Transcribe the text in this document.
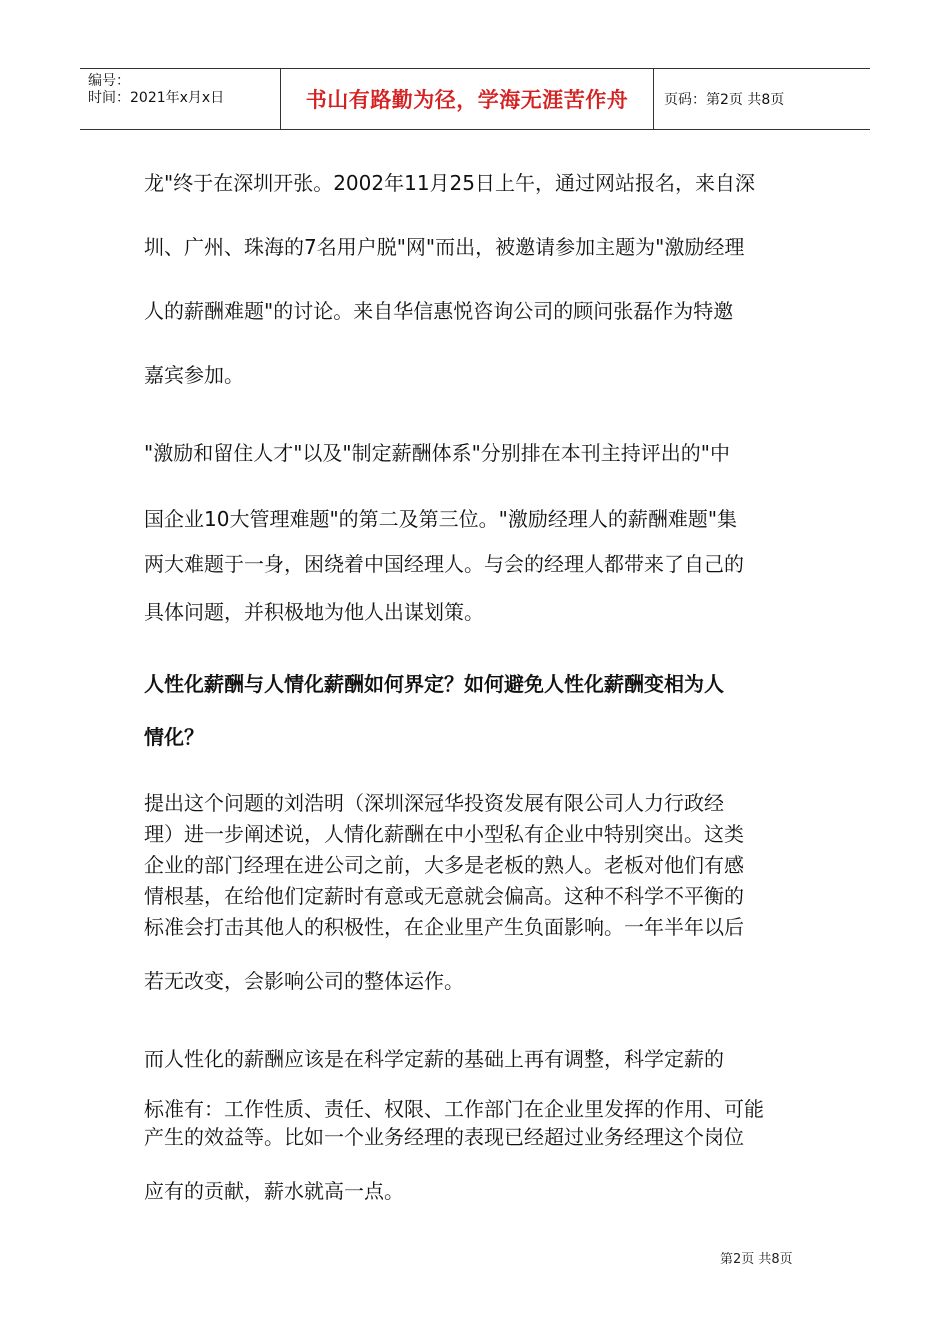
编号：
时间：2021年x月x日	书山有路勤为径，学海无涯苦作舟	页码：第2页 共8页
龙"终于在深圳开张。2002年11月25日上午，通过网站报名，来自深
圳、广州、珠海的7名用户脱"网"而出，被邀请参加主题为"激励经理
人的薪酬难题"的讨论。来自华信惠悦咨询公司的顾问张磊作为特邀
嘉宾参加。
"激励和留住人才"以及"制定薪酬体系"分别排在本刊主持评出的"中
国企业10大管理难题"的第二及第三位。"激励经理人的薪酬难题"集
两大难题于一身，困绕着中国经理人。与会的经理人都带来了自己的
具体问题，并积极地为他人出谋划策。
人性化薪酬与人情化薪酬如何界定？如何避免人性化薪酬变相为人
情化？
提出这个问题的刘浩明（深圳深冠华投资发展有限公司人力行政经
理）进一步阐述说，人情化薪酬在中小型私有企业中特别突出。这类
企业的部门经理在进公司之前，大多是老板的熟人。老板对他们有感
情根基，在给他们定薪时有意或无意就会偏高。这种不科学不平衡的
标准会打击其他人的积极性，在企业里产生负面影响。一年半年以后
若无改变，会影响公司的整体运作。
而人性化的薪酬应该是在科学定薪的基础上再有调整，科学定薪的
标准有：工作性质、责任、权限、工作部门在企业里发挥的作用、可能
产生的效益等。比如一个业务经理的表现已经超过业务经理这个岗位
应有的贡献，薪水就高一点。
第2页 共8页
